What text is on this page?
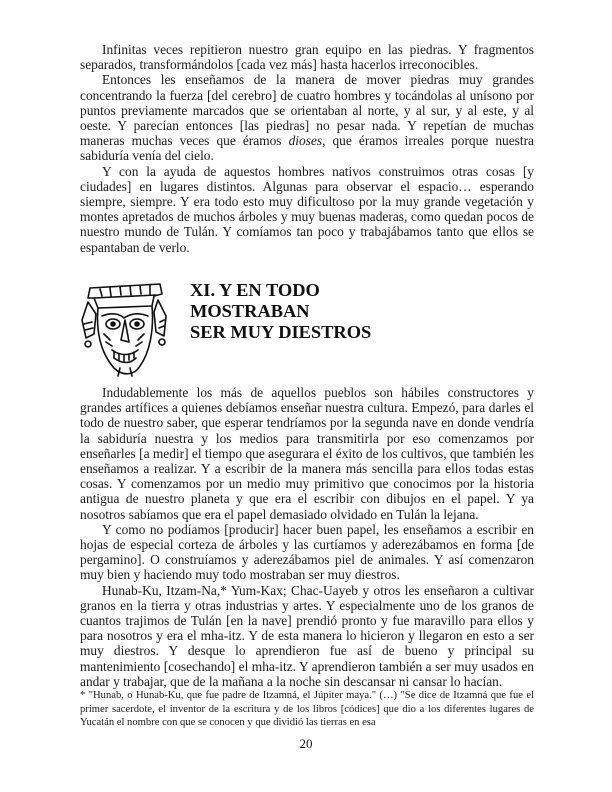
Infinitas veces repitieron nuestro gran equipo en las piedras. Y fragmentos separados, transformándolos [cada vez más] hasta hacerlos irreconocibles.

Entonces les enseñamos de la manera de mover piedras muy grandes concentrando la fuerza [del cerebro] de cuatro hombres y tocándolas al unísono por puntos previamente marcados que se orientaban al norte, y al sur, y al este, y al oeste. Y parecían entonces [las piedras] no pesar nada. Y repetían de muchas maneras muchas veces que éramos dioses, que éramos irreales porque nuestra sabiduría venía del cielo.

Y con la ayuda de aquestos hombres nativos construimos otras cosas [y ciudades] en lugares distintos. Algunas para observar el espacio… esperando siempre, siempre. Y era todo esto muy dificultoso por la muy grande vegetación y montes apretados de muchos árboles y muy buenas maderas, como quedan pocos de nuestro mundo de Tulán. Y comíamos tan poco y trabajábamos tanto que ellos se espantaban de verlo.

XI. Y EN TODO
MOSTRABAN
SER MUY DIESTROS

Indudablemente los más de aquellos pueblos son hábiles constructores y grandes artífices a quienes debíamos enseñar nuestra cultura. Empezó, para darles el todo de nuestro saber, que esperar tendríamos por la segunda nave en donde vendría la sabiduría nuestra y los medios para transmitirla por eso comenzamos por enseñarles [a medir] el tiempo que asegurara el éxito de los cultivos, que también les enseñamos a realizar. Y a escribir de la manera más sencilla para ellos todas estas cosas. Y comenzamos por un medio muy primitivo que conocimos por la historia antigua de nuestro planeta y que era el escribir con dibujos en el papel. Y ya nosotros sabíamos que era el papel demasiado olvidado en Tulán la lejana.

Y como no podíamos [producir] hacer buen papel, les enseñamos a escribir en hojas de especial corteza de árboles y las curtíamos y aderezábamos en forma [de pergamino]. O construíamos y aderezábamos piel de animales. Y así comenzaron muy bien y haciendo muy todo mostraban ser muy diestros.

Hunab-Ku, Itzam-Na,* Yum-Kax; Chac-Uayeb y otros les enseñaron a cultivar granos en la tierra y otras industrias y artes. Y especialmente uno de los granos de cuantos trajimos de Tulán [en la nave] prendió pronto y fue maravillo para ellos y para nosotros y era el mha-itz. Y de esta manera lo hicieron y llegaron en esto a ser muy diestros. Y desque lo aprendieron fue así de bueno y principal su mantenimiento [cosechando] el mha-itz. Y aprendieron también a ser muy usados en andar y trabajar, que de la mañana a la noche sin descansar ni cansar lo hacían.

* "Hunab, o Hunab-Ku, que fue padre de Itzamná, el Júpiter maya." (…) "Se dice de Itzamná que fue el primer sacerdote, el inventor de la escritura y de los libros [códices] que dio a los diferentes lugares de Yucatán el nombre con que se conocen y que dividió las tierras en esa
20
